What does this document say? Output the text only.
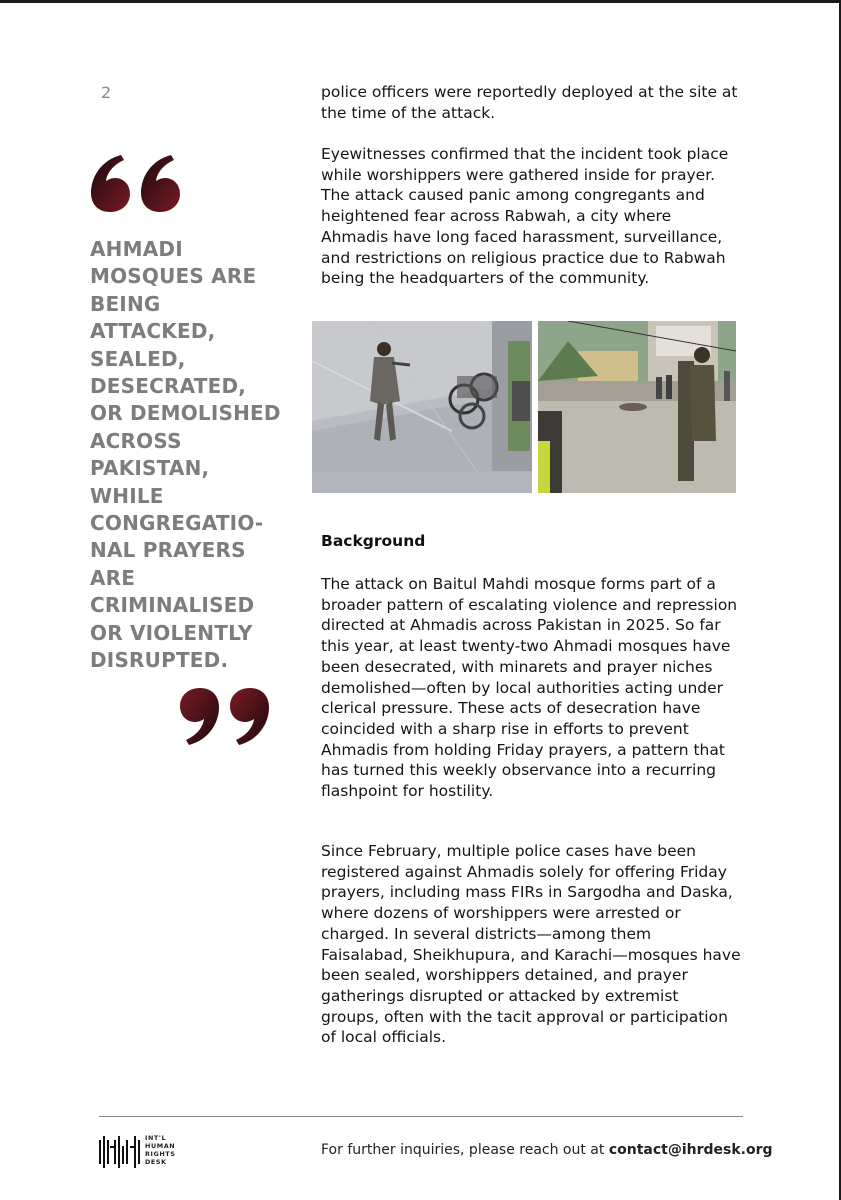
2
AHMADI
MOSQUES ARE
BEING
ATTACKED,
SEALED,
DESECRATED,
OR DEMOLISHED
ACROSS
PAKISTAN,
WHILE
CONGREGATIO-
NAL PRAYERS
ARE
CRIMINALISED
OR VIOLENTLY
DISRUPTED.
police officers were reportedly deployed at the site at the time of the attack.
Eyewitnesses confirmed that the incident took place while worshippers were gathered inside for prayer. The attack caused panic among congregants and heightened fear across Rabwah, a city where Ahmadis have long faced harassment, surveillance, and restrictions on religious practice due to Rabwah being the headquarters of the community.
Background
The attack on Baitul Mahdi mosque forms part of a broader pattern of escalating violence and repression directed at Ahmadis across Pakistan in 2025. So far this year, at least twenty-two Ahmadi mosques have been desecrated, with minarets and prayer niches demolished—often by local authorities acting under clerical pressure. These acts of desecration have coincided with a sharp rise in efforts to prevent Ahmadis from holding Friday prayers, a pattern that has turned this weekly observance into a recurring flashpoint for hostility.
Since February, multiple police cases have been registered against Ahmadis solely for offering Friday prayers, including mass FIRs in Sargodha and Daska, where dozens of worshippers were arrested or charged. In several districts—among them Faisalabad, Sheikhupura, and Karachi—mosques have been sealed, worshippers detained, and prayer gatherings disrupted or attacked by extremist groups, often with the tacit approval or participation of local officials.
INT'L
HUMAN
RIGHTS
DESK
For further inquiries, please reach out at contact@ihrdesk.org
